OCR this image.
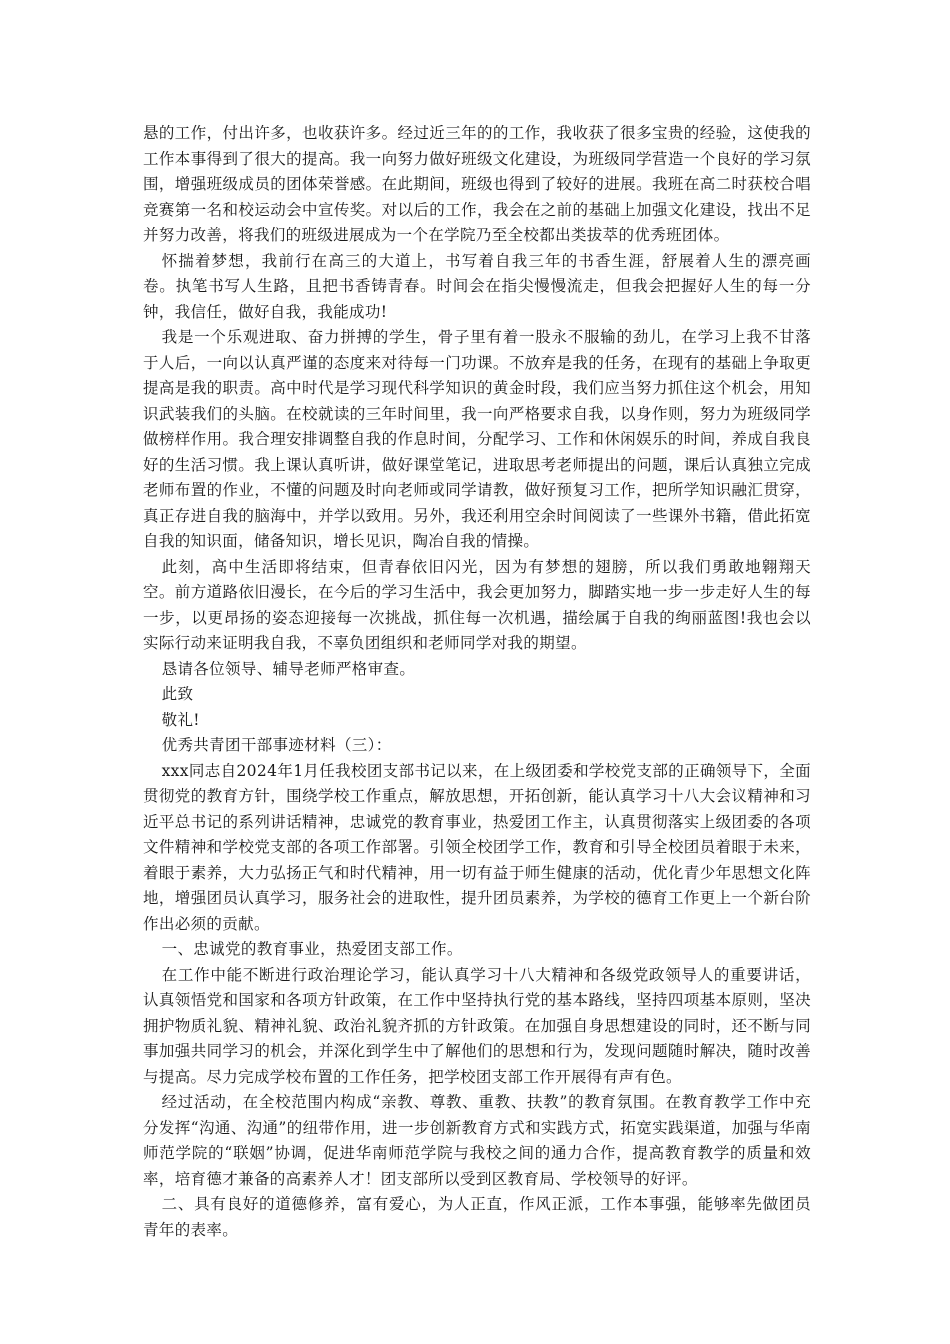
悬的工作，付出许多，也收获许多。经过近三年的的工作，我收获了很多宝贵的经验，这使我的工作本事得到了很大的提高。我一向努力做好班级文化建设，为班级同学营造一个良好的学习氛围，增强班级成员的团体荣誉感。在此期间，班级也得到了较好的进展。我班在高二时获校合唱竞赛第一名和校运动会中宣传奖。对以后的工作，我会在之前的基础上加强文化建设，找出不足并努力改善，将我们的班级进展成为一个在学院乃至全校都出类拔萃的优秀班团体。

怀揣着梦想，我前行在高三的大道上，书写着自我三年的书香生涯，舒展着人生的漂亮画卷。执笔书写人生路，且把书香铸青春。时间会在指尖慢慢流走，但我会把握好人生的每一分钟，我信任，做好自我，我能成功!

我是一个乐观进取、奋力拼搏的学生，骨子里有着一股永不服输的劲儿，在学习上我不甘落于人后，一向以认真严谨的态度来对待每一门功课。不放弃是我的任务，在现有的基础上争取更提高是我的职责。高中时代是学习现代科学知识的黄金时段，我们应当努力抓住这个机会，用知识武装我们的头脑。在校就读的三年时间里，我一向严格要求自我，以身作则，努力为班级同学做榜样作用。我合理安排调整自我的作息时间，分配学习、工作和休闲娱乐的时间，养成自我良好的生活习惯。我上课认真听讲，做好课堂笔记，进取思考老师提出的问题，课后认真独立完成老师布置的作业，不懂的问题及时向老师或同学请教，做好预复习工作，把所学知识融汇贯穿，真正存进自我的脑海中，并学以致用。另外，我还利用空余时间阅读了一些课外书籍，借此拓宽自我的知识面，储备知识，增长见识，陶冶自我的情操。

此刻，高中生活即将结束，但青春依旧闪光，因为有梦想的翅膀，所以我们勇敢地翱翔天空。前方道路依旧漫长，在今后的学习生活中，我会更加努力，脚踏实地一步一步走好人生的每一步，以更昂扬的姿态迎接每一次挑战，抓住每一次机遇，描绘属于自我的绚丽蓝图!我也会以实际行动来证明我自我，不辜负团组织和老师同学对我的期望。

恳请各位领导、辅导老师严格审查。

此致

敬礼!

优秀共青团干部事迹材料（三）：

xxx同志自2024年1月任我校团支部书记以来，在上级团委和学校党支部的正确领导下，全面贯彻党的教育方针，围绕学校工作重点，解放思想，开拓创新，能认真学习十八大会议精神和习近平总书记的系列讲话精神，忠诚党的教育事业，热爱团工作主，认真贯彻落实上级团委的各项文件精神和学校党支部的各项工作部署。引领全校团学工作，教育和引导全校团员着眼于未来，着眼于素养，大力弘扬正气和时代精神，用一切有益于师生健康的活动，优化青少年思想文化阵地，增强团员认真学习，服务社会的进取性，提升团员素养，为学校的德育工作更上一个新台阶作出必须的贡献。

一、忠诚党的教育事业，热爱团支部工作。

在工作中能不断进行政治理论学习，能认真学习十八大精神和各级党政领导人的重要讲话，认真领悟党和国家和各项方针政策，在工作中坚持执行党的基本路线，坚持四项基本原则，坚决拥护物质礼貌、精神礼貌、政治礼貌齐抓的方针政策。在加强自身思想建设的同时，还不断与同事加强共同学习的机会，并深化到学生中了解他们的思想和行为，发现问题随时解决，随时改善与提高。尽力完成学校布置的工作任务，把学校团支部工作开展得有声有色。

经过活动，在全校范围内构成“亲教、尊教、重教、扶教”的教育氛围。在教育教学工作中充分发挥“沟通、沟通”的纽带作用，进一步创新教育方式和实践方式，拓宽实践渠道，加强与华南师范学院的“联姻”协调，促进华南师范学院与我校之间的通力合作，提高教育教学的质量和效率，培育德才兼备的高素养人才！团支部所以受到区教育局、学校领导的好评。

二、具有良好的道德修养，富有爱心，为人正直，作风正派，工作本事强，能够率先做团员青年的表率。
